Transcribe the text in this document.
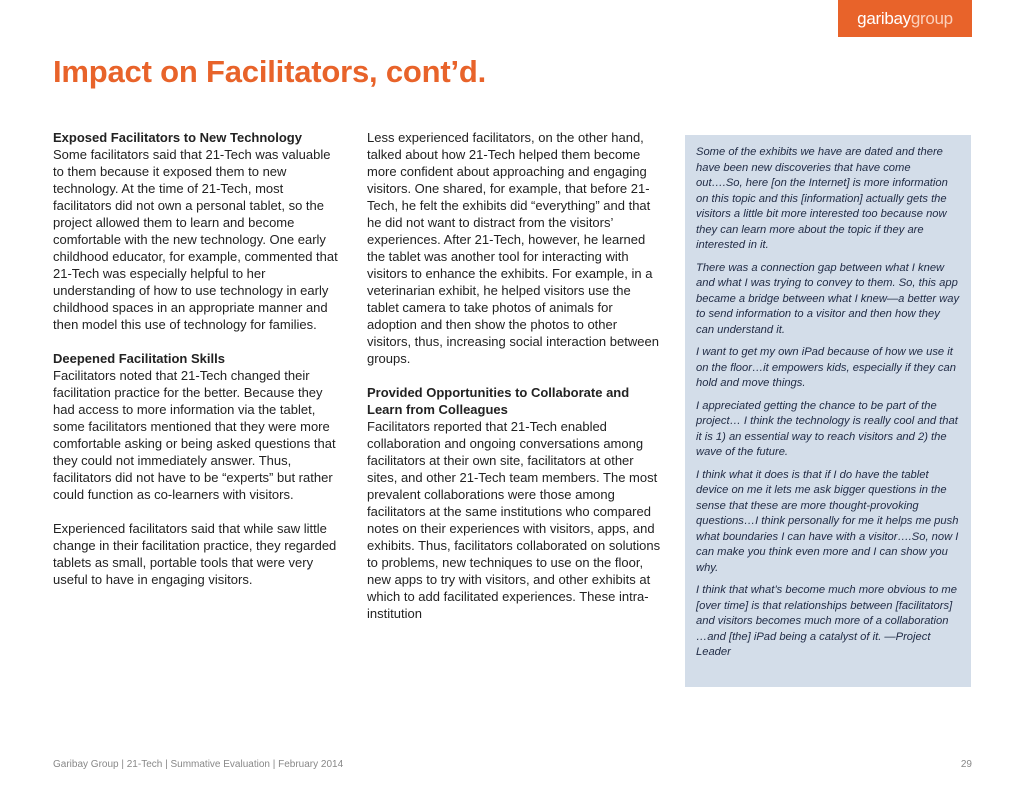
garibaygroup
Impact on Facilitators, cont’d.
Exposed Facilitators to New Technology

Some facilitators said that 21-Tech was valuable to them because it exposed them to new technology. At the time of 21-Tech, most facilitators did not own a personal tablet, so the project allowed them to learn and become comfortable with the new technology. One early childhood educator, for example, commented that 21-Tech was especially helpful to her understanding of how to use technology in early childhood spaces in an appropriate manner and then model this use of technology for families.

Deepened Facilitation Skills

Facilitators noted that 21-Tech changed their facilitation practice for the better. Because they had access to more information via the tablet, some facilitators mentioned that they were more comfortable asking or being asked questions that they could not immediately answer. Thus, facilitators did not have to be “experts” but rather could function as co-learners with visitors.

Experienced facilitators said that while saw little change in their facilitation practice, they regarded tablets as small, portable tools that were very useful to have in engaging visitors.

Less experienced facilitators, on the other hand, talked about how 21-Tech helped them become more confident about approaching and engaging visitors. One shared, for example, that before 21-Tech, he felt the exhibits did “everything” and that he did not want to distract from the visitors’ experiences. After 21-Tech, however, he learned the tablet was another tool for interacting with visitors to enhance the exhibits. For example, in a veterinarian exhibit, he helped visitors use the tablet camera to take photos of animals for adoption and then show the photos to other visitors, thus, increasing social interaction between groups.

Provided Opportunities to Collaborate and Learn from Colleagues

Facilitators reported that 21-Tech enabled collaboration and ongoing conversations among facilitators at their own site, facilitators at other sites, and other 21-Tech team members. The most prevalent collaborations were those among facilitators at the same institutions who compared notes on their experiences with visitors, apps, and exhibits. Thus, facilitators collaborated on solutions to problems, new techniques to use on the floor, new apps to try with visitors, and other exhibits at which to add facilitated experiences. These intra-institution

Some of the exhibits we have are dated and there have been new discoveries that have come out….So, here [on the Internet] is more information on this topic and this [information] actually gets the visitors a little bit more interested too because now they can learn more about the topic if they are interested in it.

There was a connection gap between what I knew and what I was trying to convey to them. So, this app became a bridge between what I knew—a better way to send information to a visitor and then how they can understand it.

I want to get my own iPad because of how we use it on the floor…it empowers kids, especially if they can hold and move things.

I appreciated getting the chance to be part of the project… I think the technology is really cool and that it is 1) an essential way to reach visitors and 2) the wave of the future.

I think what it does is that if I do have the tablet device on me it lets me ask bigger questions in the sense that these are more thought-provoking questions…I think personally for me it helps me push what boundaries I can have with a visitor….So, now I can make you think even more and I can show you why.

I think that what’s become much more obvious to me [over time] is that relationships between [facilitators] and visitors becomes much more of a collaboration …and [the] iPad being a catalyst of it. —Project Leader

Garibay Group | 21-Tech | Summative Evaluation | February 2014	29
